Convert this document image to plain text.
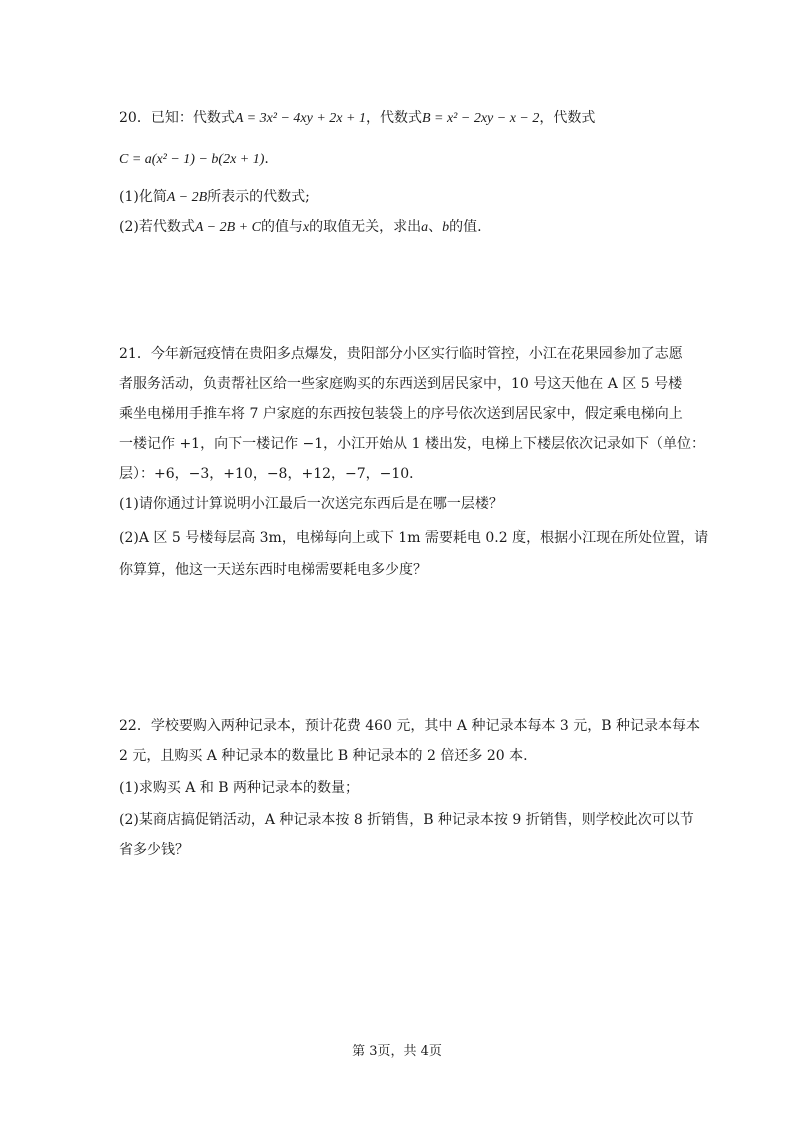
20．已知：代数式A = 3x² − 4xy + 2x + 1，代数式B = x² − 2xy − x − 2，代数式
C = a(x² − 1) − b(2x + 1).
(1)化简A − 2B所表示的代数式;
(2)若代数式A − 2B + C的值与x的取值无关，求出a、b的值.
21．今年新冠疫情在贵阳多点爆发，贵阳部分小区实行临时管控，小江在花果园参加了志愿
者服务活动，负责帮社区给一些家庭购买的东西送到居民家中，10 号这天他在 A 区 5 号楼
乘坐电梯用手推车将 7 户家庭的东西按包装袋上的序号依次送到居民家中，假定乘电梯向上
一楼记作 +1，向下一楼记作 −1，小江开始从 1 楼出发，电梯上下楼层依次记录如下（单位：
层）：+6，−3，+10，−8，+12，−7，−10．
(1)请你通过计算说明小江最后一次送完东西后是在哪一层楼？
(2)A 区 5 号楼每层高 3m，电梯每向上或下 1m 需要耗电 0.2 度，根据小江现在所处位置，请
你算算，他这一天送东西时电梯需要耗电多少度？
22．学校要购入两种记录本，预计花费 460 元，其中 A 种记录本每本 3 元，B 种记录本每本
2 元，且购买 A 种记录本的数量比 B 种记录本的 2 倍还多 20 本.
(1)求购买 A 和 B 两种记录本的数量；
(2)某商店搞促销活动，A 种记录本按 8 折销售，B 种记录本按 9 折销售，则学校此次可以节
省多少钱？
第 3页，共 4页
